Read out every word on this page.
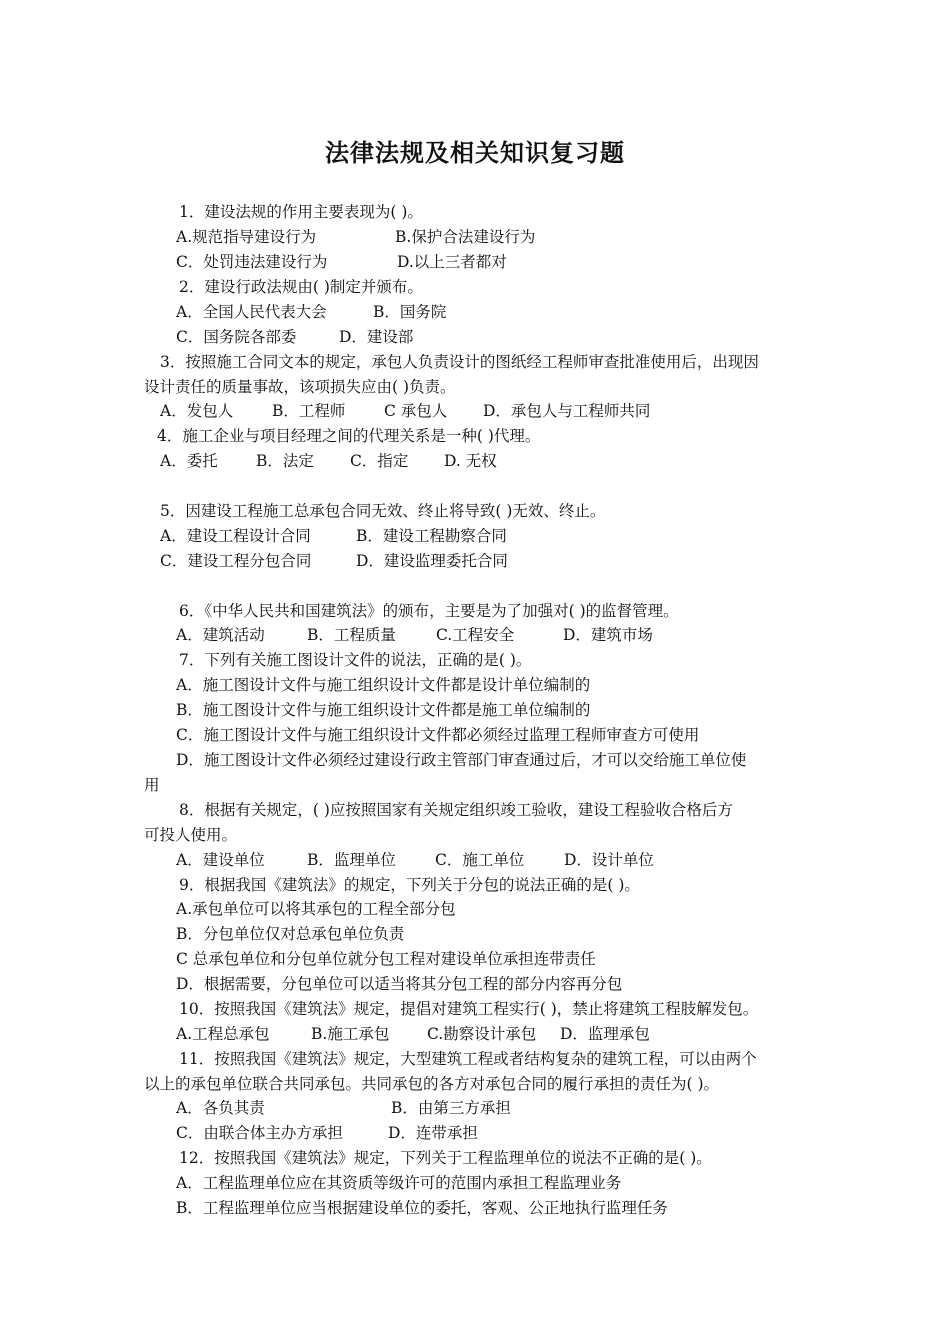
法律法规及相关知识复习题
1．建设法规的作用主要表现为( )。
A.规范指导建设行为	B.保护合法建设行为
C．处罚违法建设行为	D.以上三者都对
2．建设行政法规由( )制定并颁布。
A．全国人民代表大会	B．国务院
C．国务院各部委	D．建设部
3．按照施工合同文本的规定，承包人负责设计的图纸经工程师审查批准使用后，出现因
设计责任的质量事故，该项损失应由( )负责。
A．发包人	B．工程师 C 承包人 D．承包人与工程师共同
4．施工企业与项目经理之间的代理关系是一种( )代理。
A．委托 B．法定 C．指定 D. 无权
5．因建设工程施工总承包合同无效、终止将导致( )无效、终止。
A．建设工程设计合同	B．建设工程勘察合同
C．建设工程分包合同	D．建设监理委托合同
6．《中华人民共和国建筑法》的颁布，主要是为了加强对( )的监督管理。
A．建筑活动	B．工程质量	C.工程安全	D．建筑市场
7．下列有关施工图设计文件的说法，正确的是( )。
A．施工图设计文件与施工组织设计文件都是设计单位编制的
B．施工图设计文件与施工组织设计文件都是施工单位编制的
C．施工图设计文件与施工组织设计文件都必须经过监理工程师审查方可使用
D．施工图设计文件必须经过建设行政主管部门审查通过后，才可以交给施工单位使
用
8．根据有关规定，( )应按照国家有关规定组织竣工验收，建设工程验收合格后方
可投人使用。
A．建设单位	B．监理单位	C．施工单位	D．设计单位
9．根据我国《建筑法》的规定，下列关于分包的说法正确的是( )。
A.承包单位可以将其承包的工程全部分包
B．分包单位仅对总承包单位负责
C 总承包单位和分包单位就分包工程对建设单位承担连带责任
D．根据需要，分包单位可以适当将其分包工程的部分内容再分包
10．按照我国《建筑法》规定，提倡对建筑工程实行( )，禁止将建筑工程肢解发包。
A.工程总承包	B.施工承包 C.勘察设计承包 D．监理承包
11．按照我国《建筑法》规定，大型建筑工程或者结构复杂的建筑工程，可以由两个
以上的承包单位联合共同承包。共同承包的各方对承包合同的履行承担的责任为( )。
A．各负其责	B．由第三方承担
C．由联合体主办方承担	D．连带承担
12．按照我国《建筑法》规定，下列关于工程监理单位的说法不正确的是( )。
A．工程监理单位应在其资质等级许可的范围内承担工程监理业务
B．工程监理单位应当根据建设单位的委托，客观、公正地执行监理任务
